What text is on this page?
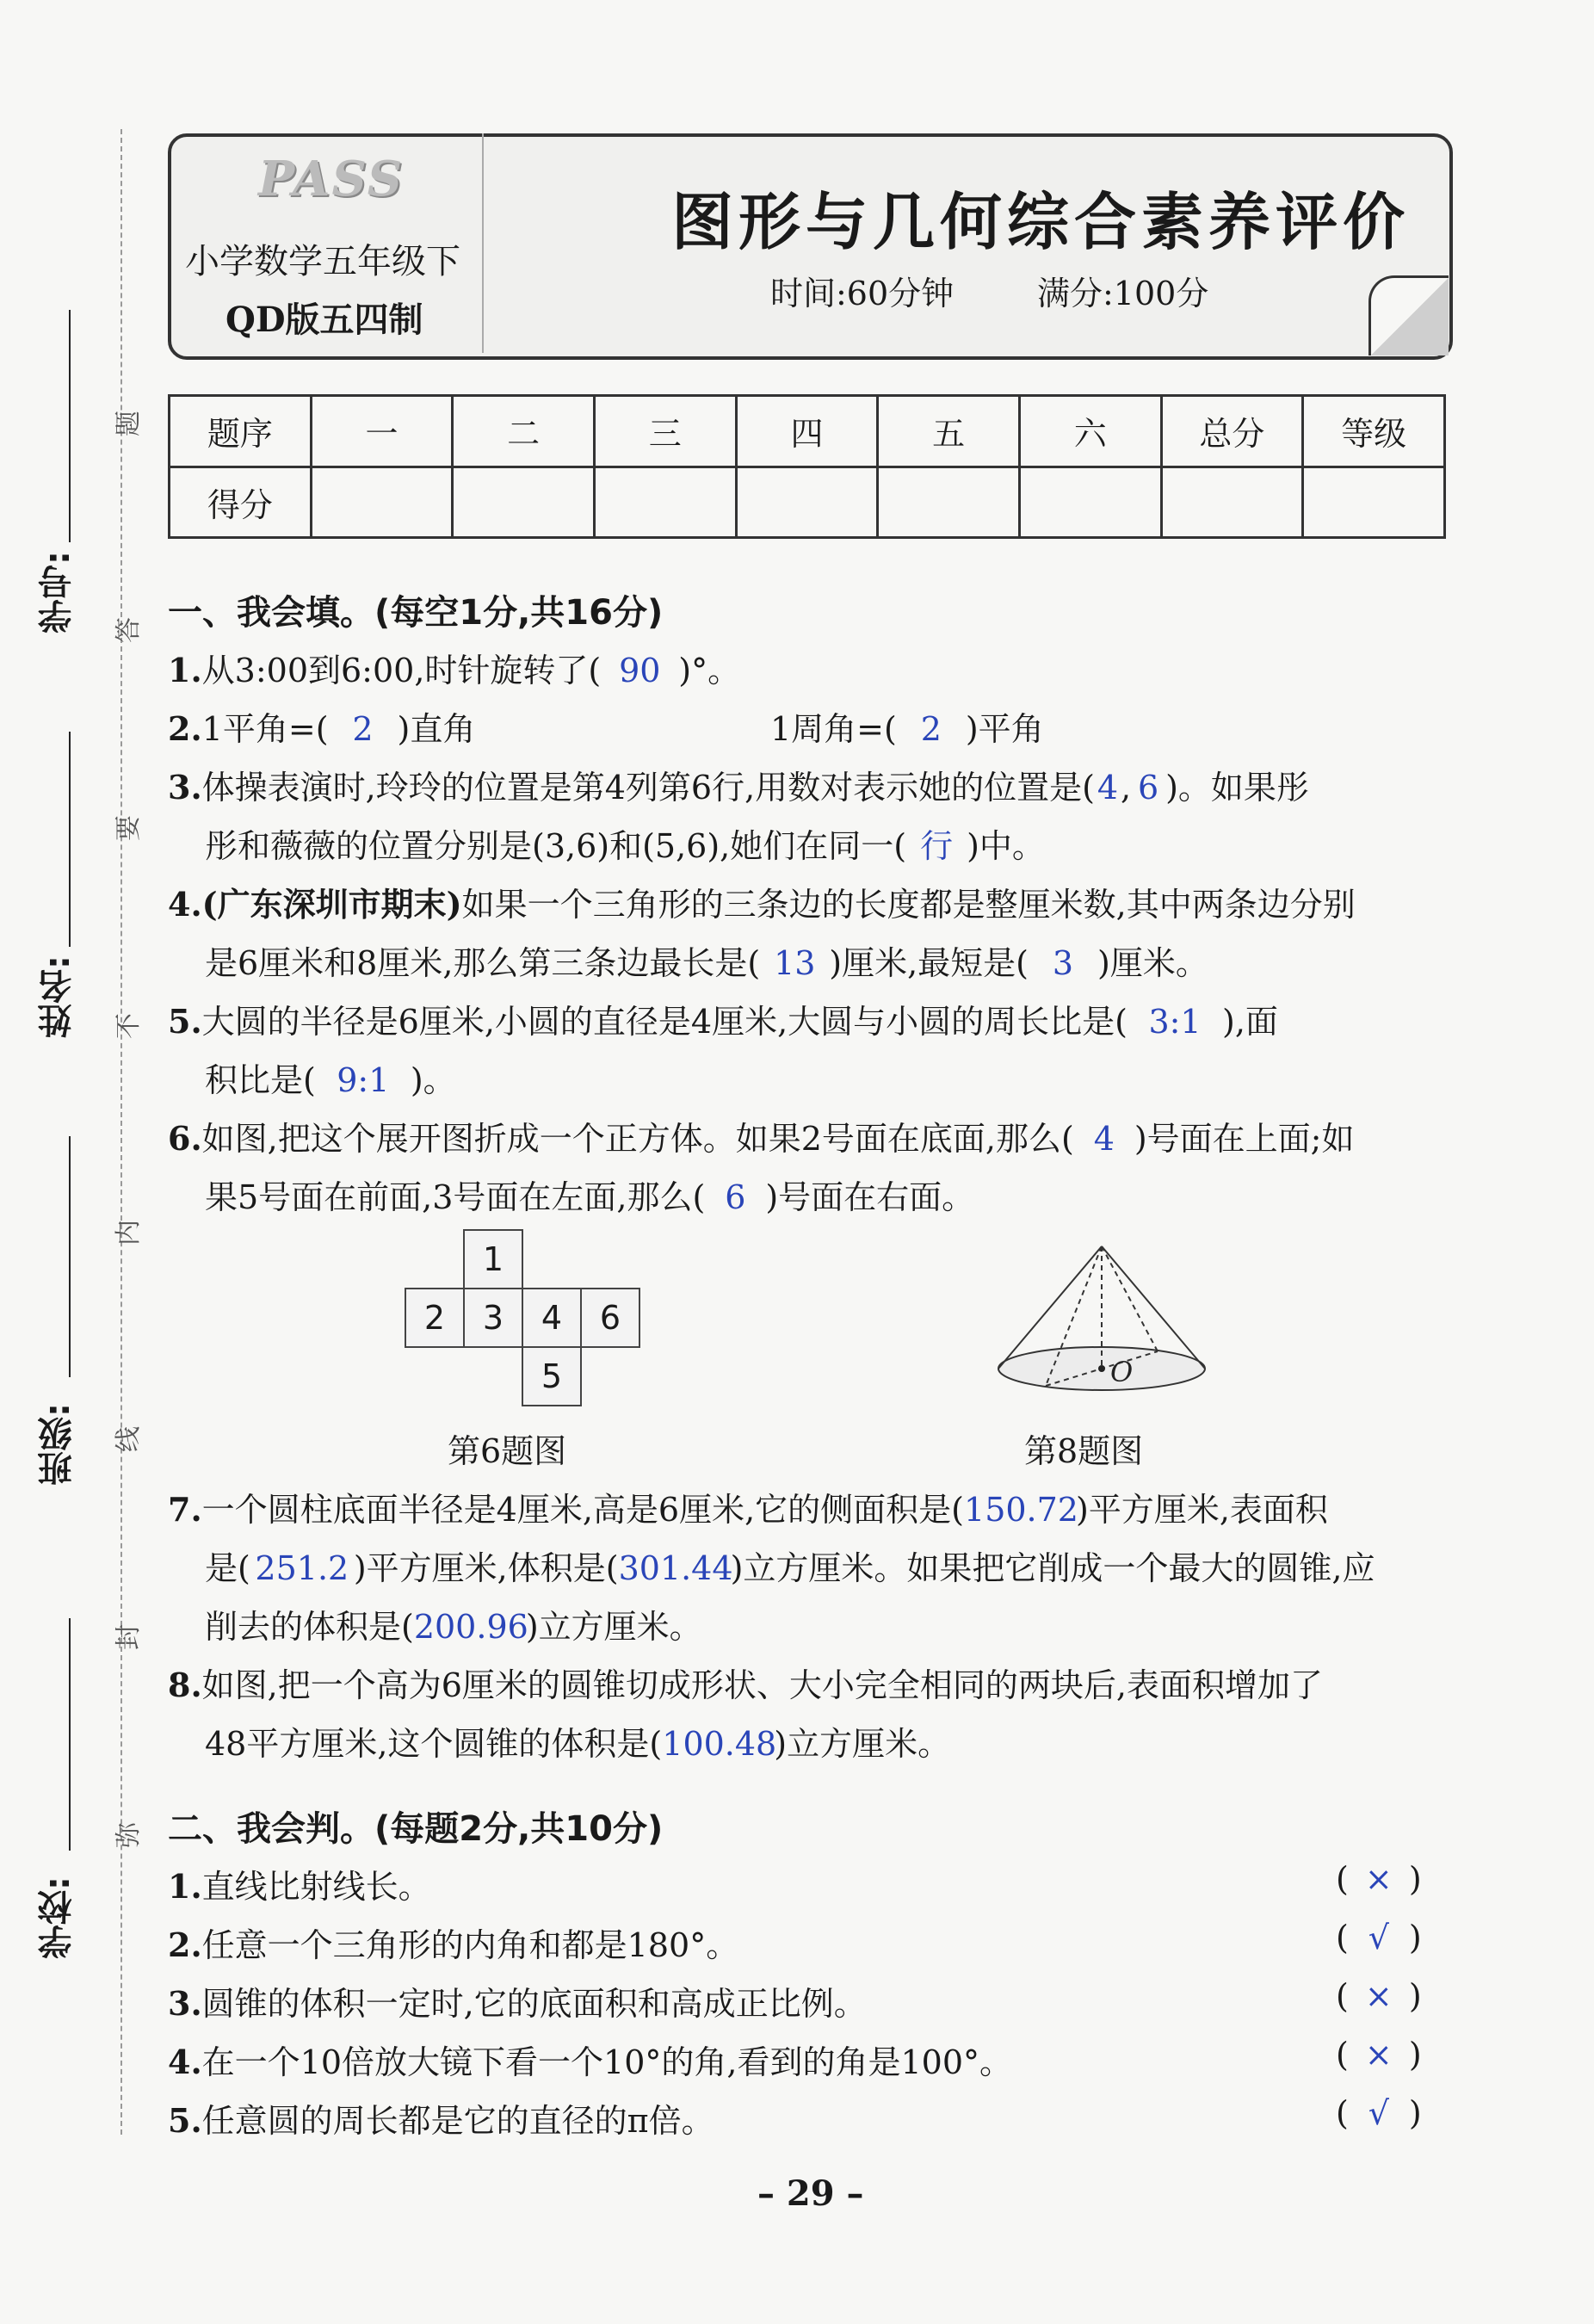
学校:
班级:
姓名:
学号:
题
答
要
不
内
线
封
弥
PASS
小学数学五年级下
QD版五四制
图形与几何综合素养评价
时间:60分钟	满分:100分
题序	一	二	三	四	五	六	总分	等级
得分								
一、我会填。(每空1分,共16分)
1.从3:00到6:00,时针旋转了( 90 )°。
2.1平角=( 2 )直角	1周角=( 2 )平角
3.体操表演时,玲玲的位置是第4列第6行,用数对表示她的位置是(4, 6 )。如果彤
彤和薇薇的位置分别是(3,6)和(5,6),她们在同一( 行 )中。
4.(广东深圳市期末)如果一个三角形的三条边的长度都是整厘米数,其中两条边分别
是6厘米和8厘米,那么第三条边最长是( 13 )厘米,最短是( 3 )厘米。
5.大圆的半径是6厘米,小圆的直径是4厘米,大圆与小圆的周长比是( 3:1 ),面
积比是( 9:1 )。
6.如图,把这个展开图折成一个正方体。如果2号面在底面,那么( 4 )号面在上面;如
果5号面在前面,3号面在左面,那么( 6 )号面在右面。
1
2	3	4	6
5
第6题图
O
第8题图
7.一个圆柱底面半径是4厘米,高是6厘米,它的侧面积是(150.72)平方厘米,表面积
是( 251.2 )平方厘米,体积是(301.44)立方厘米。如果把它削成一个最大的圆锥,应
削去的体积是(200.96)立方厘米。
8.如图,把一个高为6厘米的圆锥切成形状、大小完全相同的两块后,表面积增加了
48平方厘米,这个圆锥的体积是(100.48)立方厘米。
二、我会判。(每题2分,共10分)
1.直线比射线长。	( × )
2.任意一个三角形的内角和都是180°。	( √ )
3.圆锥的体积一定时,它的底面积和高成正比例。	( × )
4.在一个10倍放大镜下看一个10°的角,看到的角是100°。	( × )
5.任意圆的周长都是它的直径的π倍。	( √ )
– 29 –
